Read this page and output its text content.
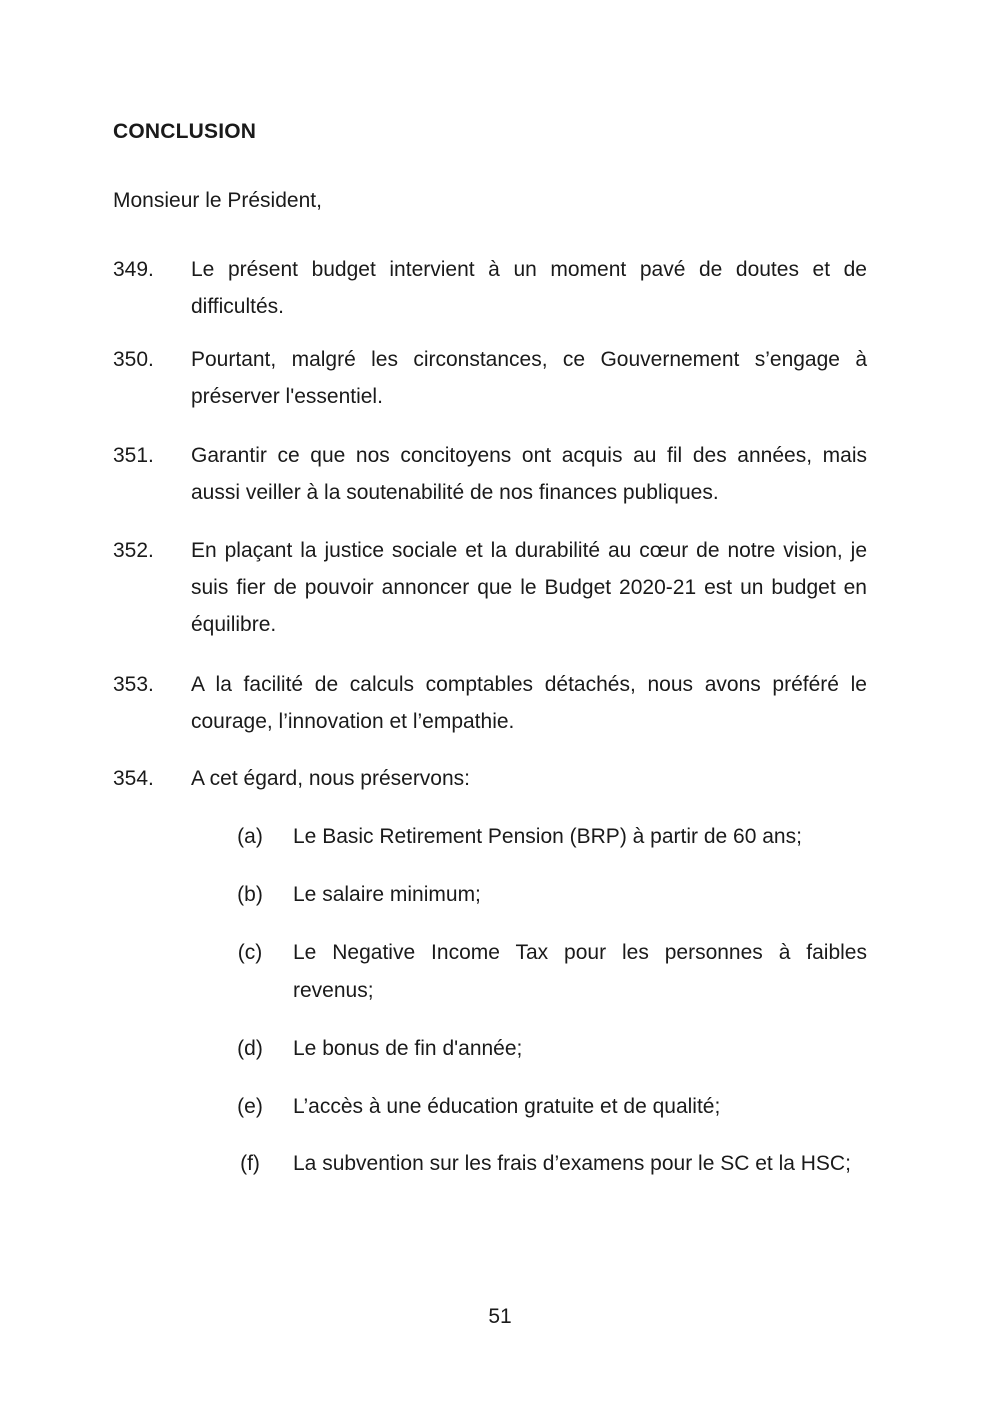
CONCLUSION

Monsieur le Président,

349.	Le présent budget intervient à un moment pavé de doutes et de difficultés.
350.	Pourtant, malgré les circonstances, ce Gouvernement s’engage à préserver l'essentiel.
351.	Garantir ce que nos concitoyens ont acquis au fil des années, mais aussi veiller à la soutenabilité de nos finances publiques.
352.	En plaçant la justice sociale et la durabilité au cœur de notre vision, je suis fier de pouvoir annoncer que le Budget 2020-21 est un budget en équilibre.
353.	A la facilité de calculs comptables détachés, nous avons préféré le courage, l’innovation et l’empathie.
354.	A cet égard, nous préservons:
(a)	Le Basic Retirement Pension (BRP) à partir de 60 ans;
(b)	Le salaire minimum;
(c)	Le Negative Income Tax pour les personnes à faibles revenus;
(d)	Le bonus de fin d'année;
(e)	L’accès à une éducation gratuite et de qualité;
(f)	La subvention sur les frais d’examens pour le SC et la HSC;
51
